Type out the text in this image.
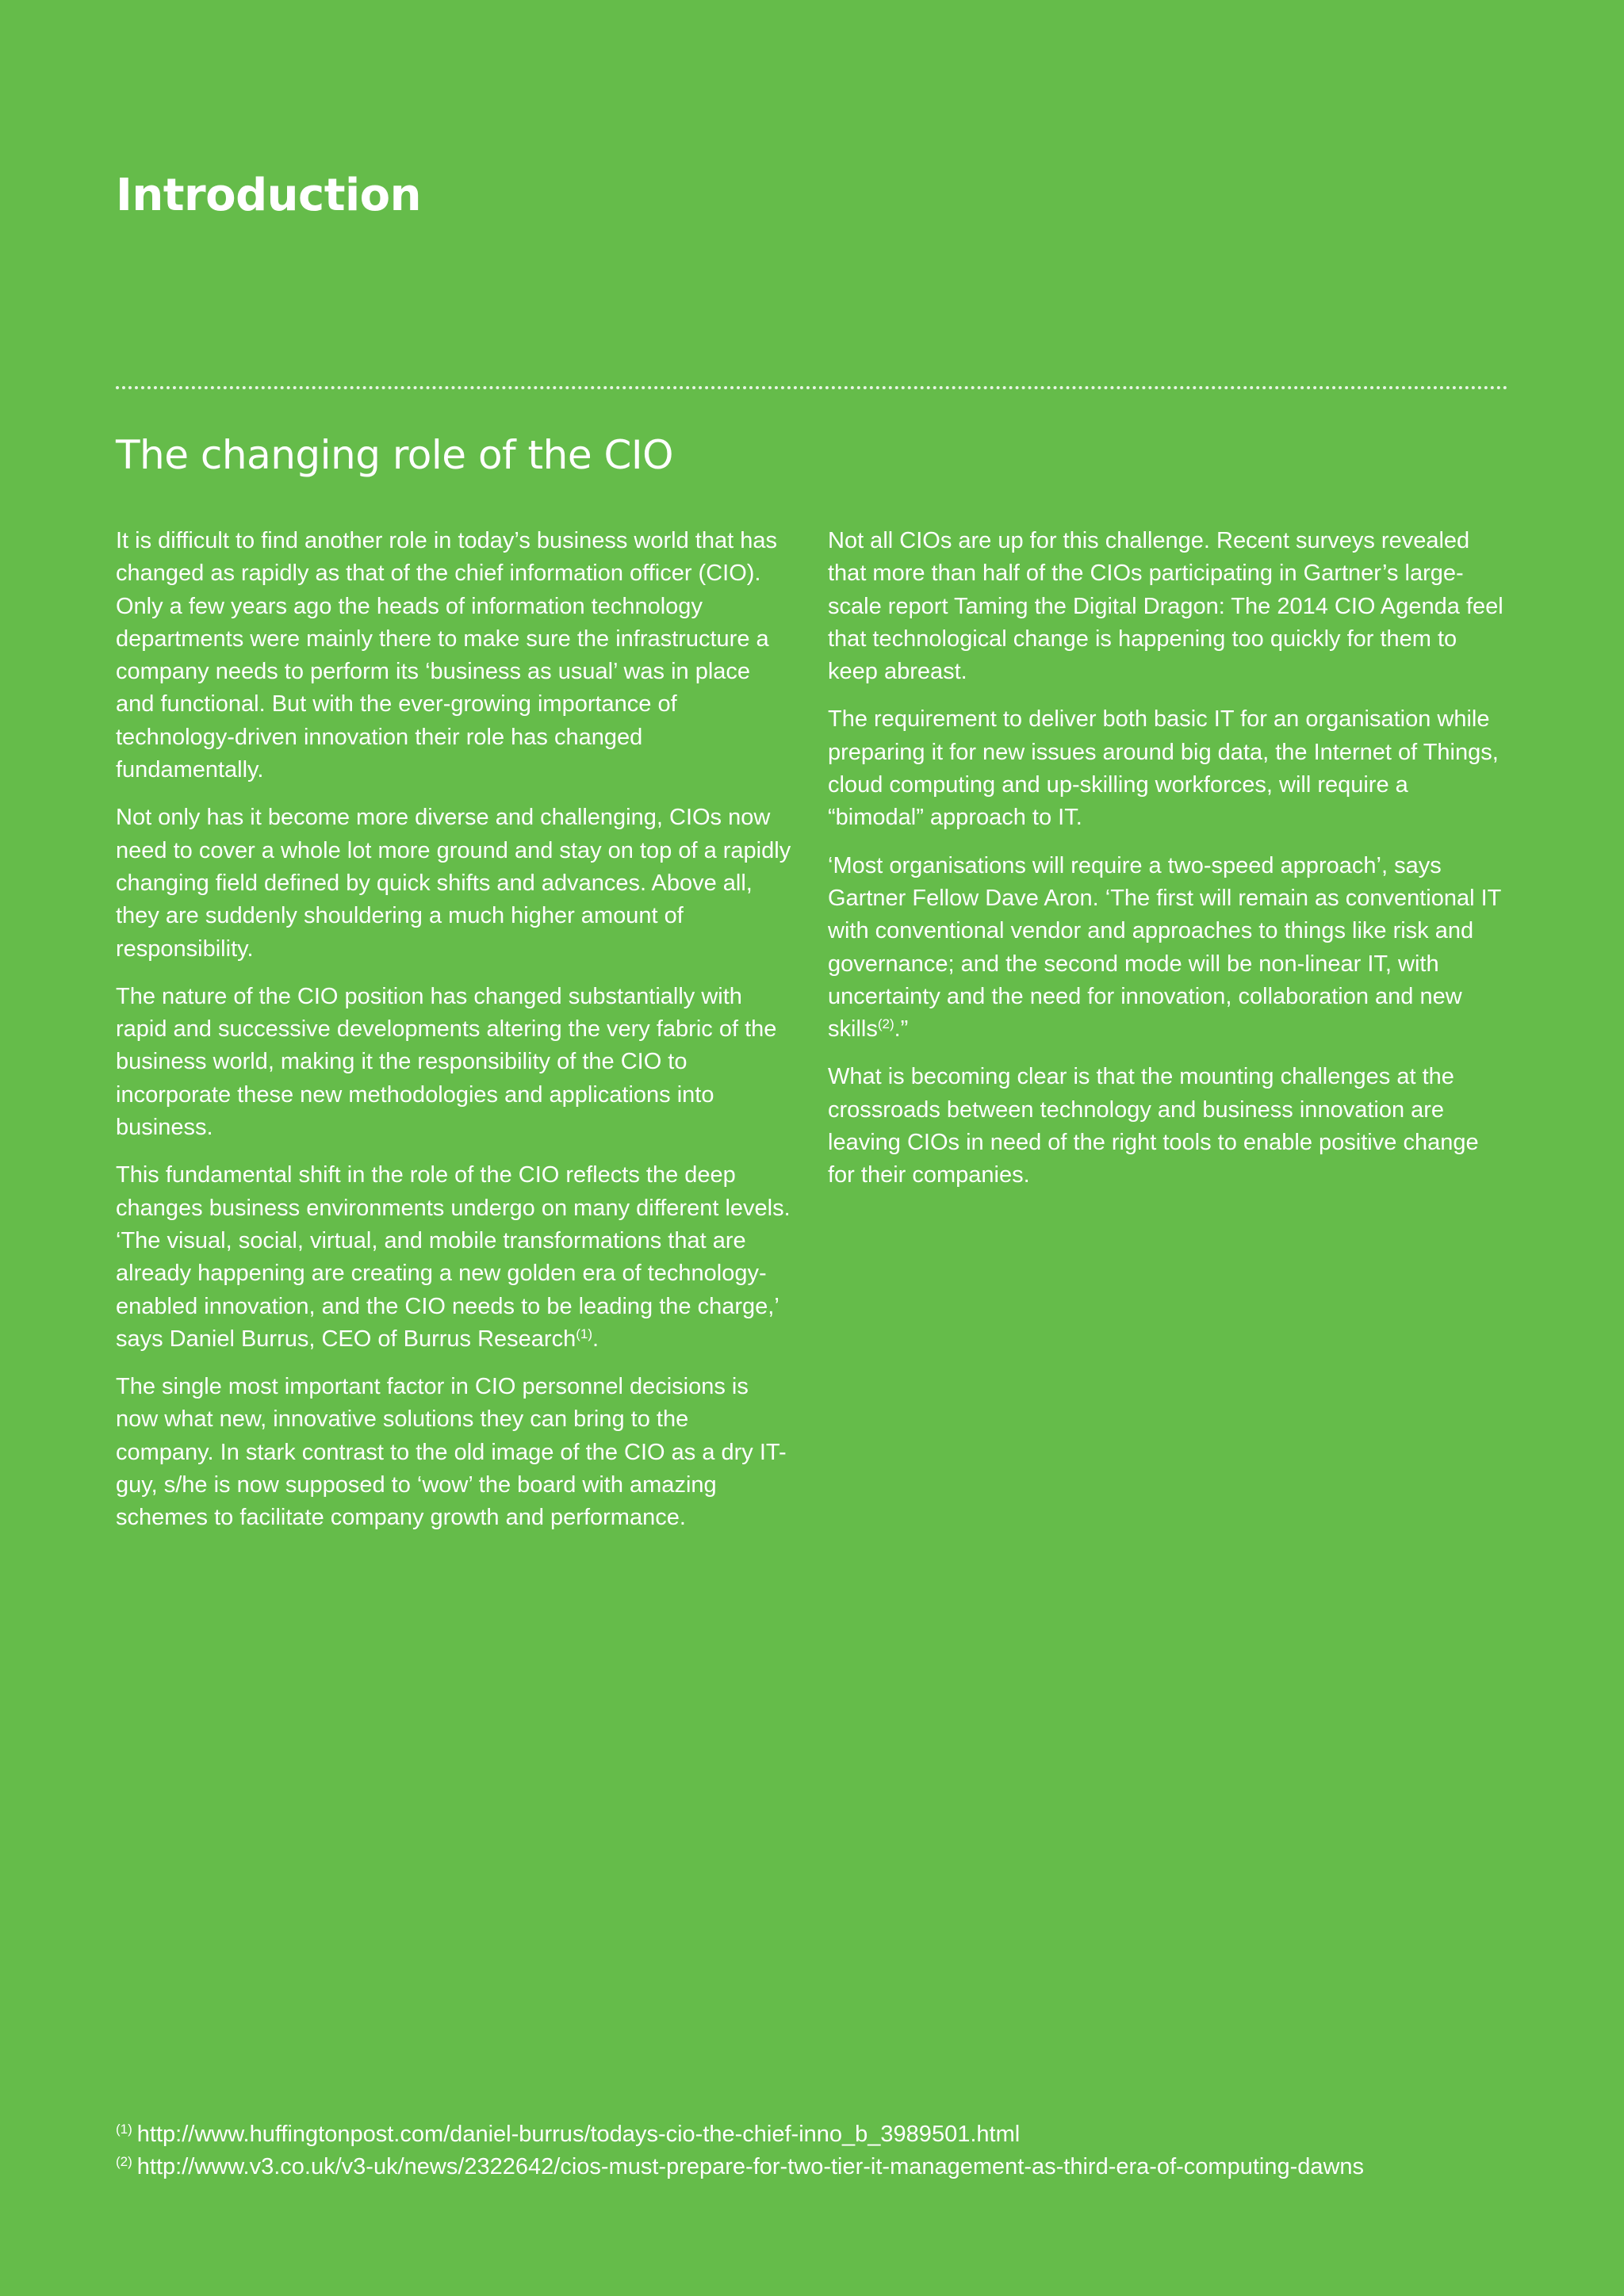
Introduction
The changing role of the CIO

It is difficult to find another role in today’s business world that has changed as rapidly as that of the chief information officer (CIO). Only a few years ago the heads of information technology departments were mainly there to make sure the infrastructure a company needs to perform its ‘business as usual’ was in place and functional. But with the ever-growing importance of technology-driven innovation their role has changed fundamentally.

Not only has it become more diverse and challenging, CIOs now need to cover a whole lot more ground and stay on top of a rapidly changing field defined by quick shifts and advances. Above all, they are suddenly shouldering a much higher amount of responsibility.

The nature of the CIO position has changed substantially with rapid and successive developments altering the very fabric of the business world, making it the responsibility of the CIO to incorporate these new methodologies and applications into business.

This fundamental shift in the role of the CIO reflects the deep changes business environments undergo on many different levels. ‘The visual, social, virtual, and mobile transformations that are already happening are creating a new golden era of technology-enabled innovation, and the CIO needs to be leading the charge,’ says Daniel Burrus, CEO of Burrus Research$^{(1)}$.

The single most important factor in CIO personnel decisions is now what new, innovative solutions they can bring to the company. In stark contrast to the old image of the CIO as a dry IT-guy, s/he is now supposed to ‘wow’ the board with amazing schemes to facilitate company growth and performance.

Not all CIOs are up for this challenge. Recent surveys revealed that more than half of the CIOs participating in Gartner’s large-scale report Taming the Digital Dragon: The 2014 CIO Agenda feel that technological change is happening too quickly for them to keep abreast.

The requirement to deliver both basic IT for an organisation while preparing it for new issues around big data, the Internet of Things, cloud computing and up-skilling workforces, will require a “bimodal” approach to IT.

‘Most organisations will require a two-speed approach’, says Gartner Fellow Dave Aron. ‘The first will remain as conventional IT with conventional vendor and approaches to things like risk and governance; and the second mode will be non-linear IT, with uncertainty and the need for innovation, collaboration and new skills$^{(2)}$.”

What is becoming clear is that the mounting challenges at the crossroads between technology and business innovation are leaving CIOs in need of the right tools to enable positive change for their companies.

$^{(1)}$ http://www.huffingtonpost.com/daniel-burrus/todays-cio-the-chief-inno_b_3989501.html
$^{(2)}$ http://www.v3.co.uk/v3-uk/news/2322642/cios-must-prepare-for-two-tier-it-management-as-third-era-of-computing-dawns
